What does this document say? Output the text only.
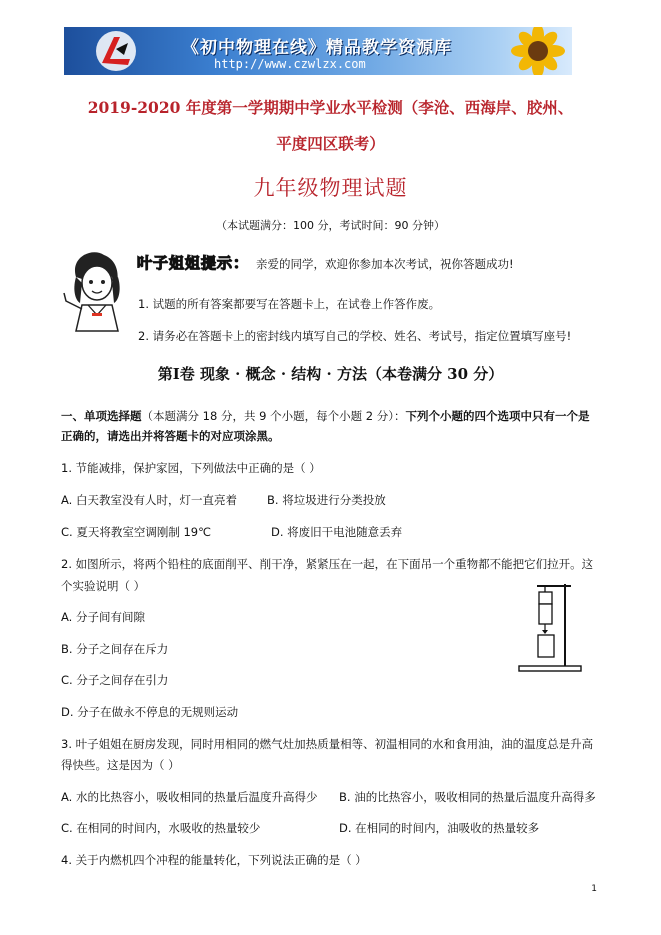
《初中物理在线》精品教学资源库
http://www.czwlzx.com
2019-2020 年度第一学期期中学业水平检测（李沧、西海岸、胶州、
平度四区联考）
九年级物理试题
（本试题满分：100 分，考试时间：90 分钟）
叶子姐姐提示： 亲爱的同学，欢迎你参加本次考试，祝你答题成功!
1. 试题的所有答案都要写在答题卡上，在试卷上作答作废。
2. 请务必在答题卡上的密封线内填写自己的学校、姓名、考试号，指定位置填写座号!
第Ⅰ卷 现象 · 概念 · 结构 · 方法（本卷满分 30 分）
一、单项选择题（本题满分 18 分，共 9 个小题，每个小题 2 分）：下列个小题的四个选项中只有一个是
正确的，请选出并将答题卡的对应项涂黑。
1. 节能减排，保护家园，下列做法中正确的是（ ）
A. 白天教室没有人时，灯一直亮着	B. 将垃圾进行分类投放
C. 夏天将教室空调刚制 19℃	D. 将废旧干电池随意丢弃
2. 如图所示，将两个铅柱的底面削平、削干净，紧紧压在一起，在下面吊一个重物都不能把它们拉开。这
个实验说明（ ）
A. 分子间有间隙
B. 分子之间存在斥力
C. 分子之间存在引力
D. 分子在做永不停息的无规则运动
3. 叶子姐姐在厨房发现，同时用相同的燃气灶加热质量相等、初温相同的水和食用油，油的温度总是升高
得快些。这是因为（ ）
A. 水的比热容小，吸收相同的热量后温度升高得少 B. 油的比热容小，吸收相同的热量后温度升高得多
C. 在相同的时间内，水吸收的热量较少	D. 在相同的时间内，油吸收的热量较多
4. 关于内燃机四个冲程的能量转化，下列说法正确的是（ ）
1
